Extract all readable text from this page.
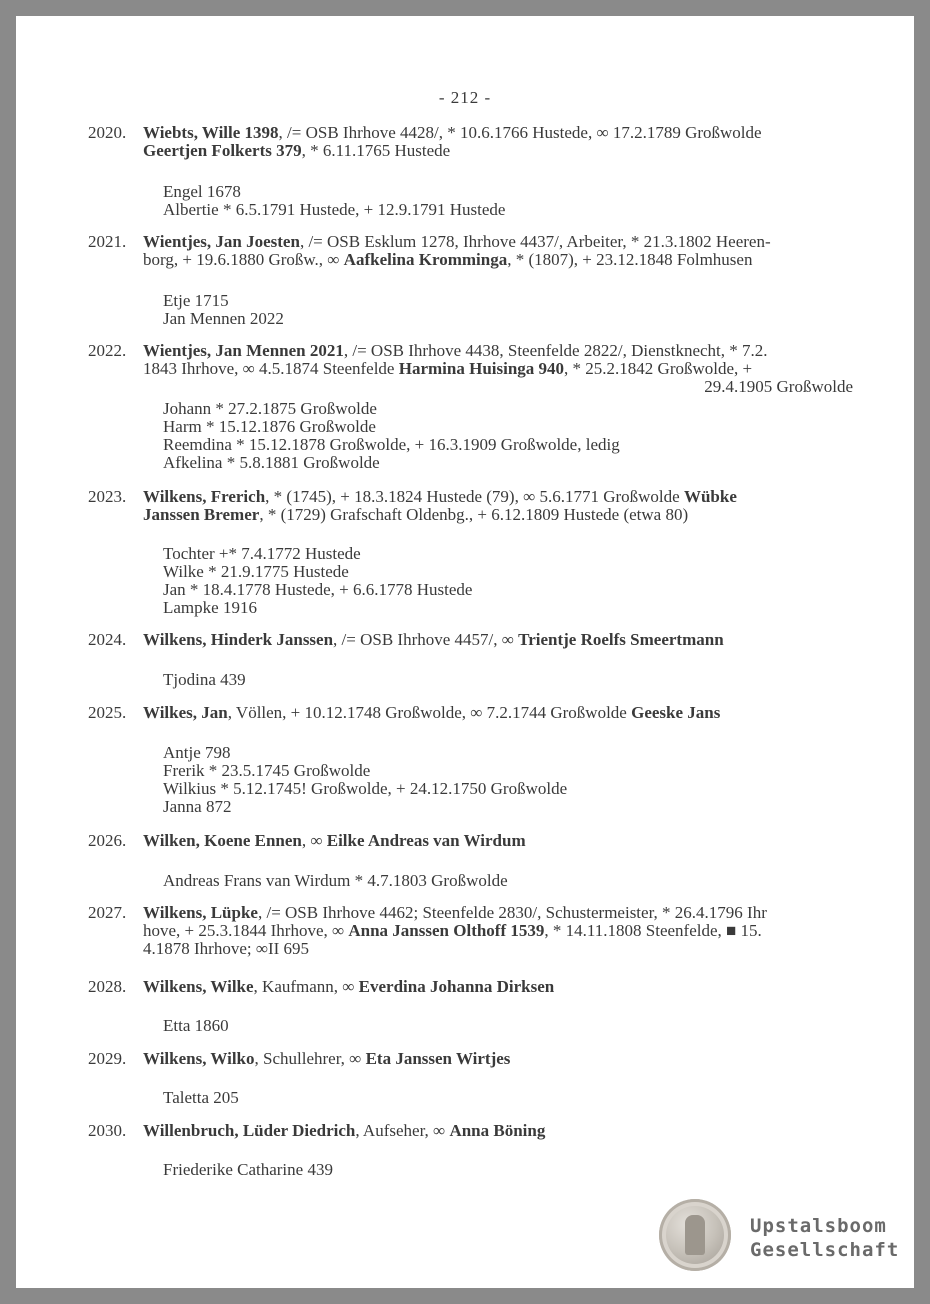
- 212 -
2020. Wiebts, Wille 1398, /= OSB Ihrhove 4428/, * 10.6.1766 Hustede, ∞ 17.2.1789 Großwolde
Geertjen Folkerts 379, * 6.11.1765 Hustede
Engel 1678
Albertie * 6.5.1791 Hustede, + 12.9.1791 Hustede
2021. Wientjes, Jan Joesten, /= OSB Esklum 1278, Ihrhove 4437/, Arbeiter, * 21.3.1802 Heeren-
borg, + 19.6.1880 Großw., ∞ Aafkelina Kromminga, * (1807), + 23.12.1848 Folmhusen
Etje 1715
Jan Mennen 2022
2022. Wientjes, Jan Mennen 2021, /= OSB Ihrhove 4438, Steenfelde 2822/, Dienstknecht, * 7.2.
1843 Ihrhove, ∞ 4.5.1874 Steenfelde Harmina Huisinga 940, * 25.2.1842 Großwolde, +

29.4.1905 Großwolde
Johann * 27.2.1875 Großwolde
Harm * 15.12.1876 Großwolde
Reemdina * 15.12.1878 Großwolde, + 16.3.1909 Großwolde, ledig
Afkelina * 5.8.1881 Großwolde
2023. Wilkens, Frerich, * (1745), + 18.3.1824 Hustede (79), ∞ 5.6.1771 Großwolde Wübke
Janssen Bremer, * (1729) Grafschaft Oldenbg., + 6.12.1809 Hustede (etwa 80)
Tochter +* 7.4.1772 Hustede
Wilke * 21.9.1775 Hustede
Jan * 18.4.1778 Hustede, + 6.6.1778 Hustede
Lampke 1916
2024. Wilkens, Hinderk Janssen, /= OSB Ihrhove 4457/, ∞ Trientje Roelfs Smeertmann
Tjodina 439
2025. Wilkes, Jan, Völlen, + 10.12.1748 Großwolde, ∞ 7.2.1744 Großwolde Geeske Jans
Antje 798
Frerik * 23.5.1745 Großwolde
Wilkius * 5.12.1745! Großwolde, + 24.12.1750 Großwolde
Janna 872
2026. Wilken, Koene Ennen, ∞ Eilke Andreas van Wirdum
Andreas Frans van Wirdum * 4.7.1803 Großwolde
2027. Wilkens, Lüpke, /= OSB Ihrhove 4462; Steenfelde 2830/, Schustermeister, * 26.4.1796 Ihr
hove, + 25.3.1844 Ihrhove, ∞ Anna Janssen Olthoff 1539, * 14.11.1808 Steenfelde, ■ 15.
4.1878 Ihrhove; ∞II 695
2028. Wilkens, Wilke, Kaufmann, ∞ Everdina Johanna Dirksen
Etta 1860
2029. Wilkens, Wilko, Schullehrer, ∞ Eta Janssen Wirtjes
Taletta 205
2030. Willenbruch, Lüder Diedrich, Aufseher, ∞ Anna Böning
Friederike Catharine 439
Upstalsboom
Gesellschaft
